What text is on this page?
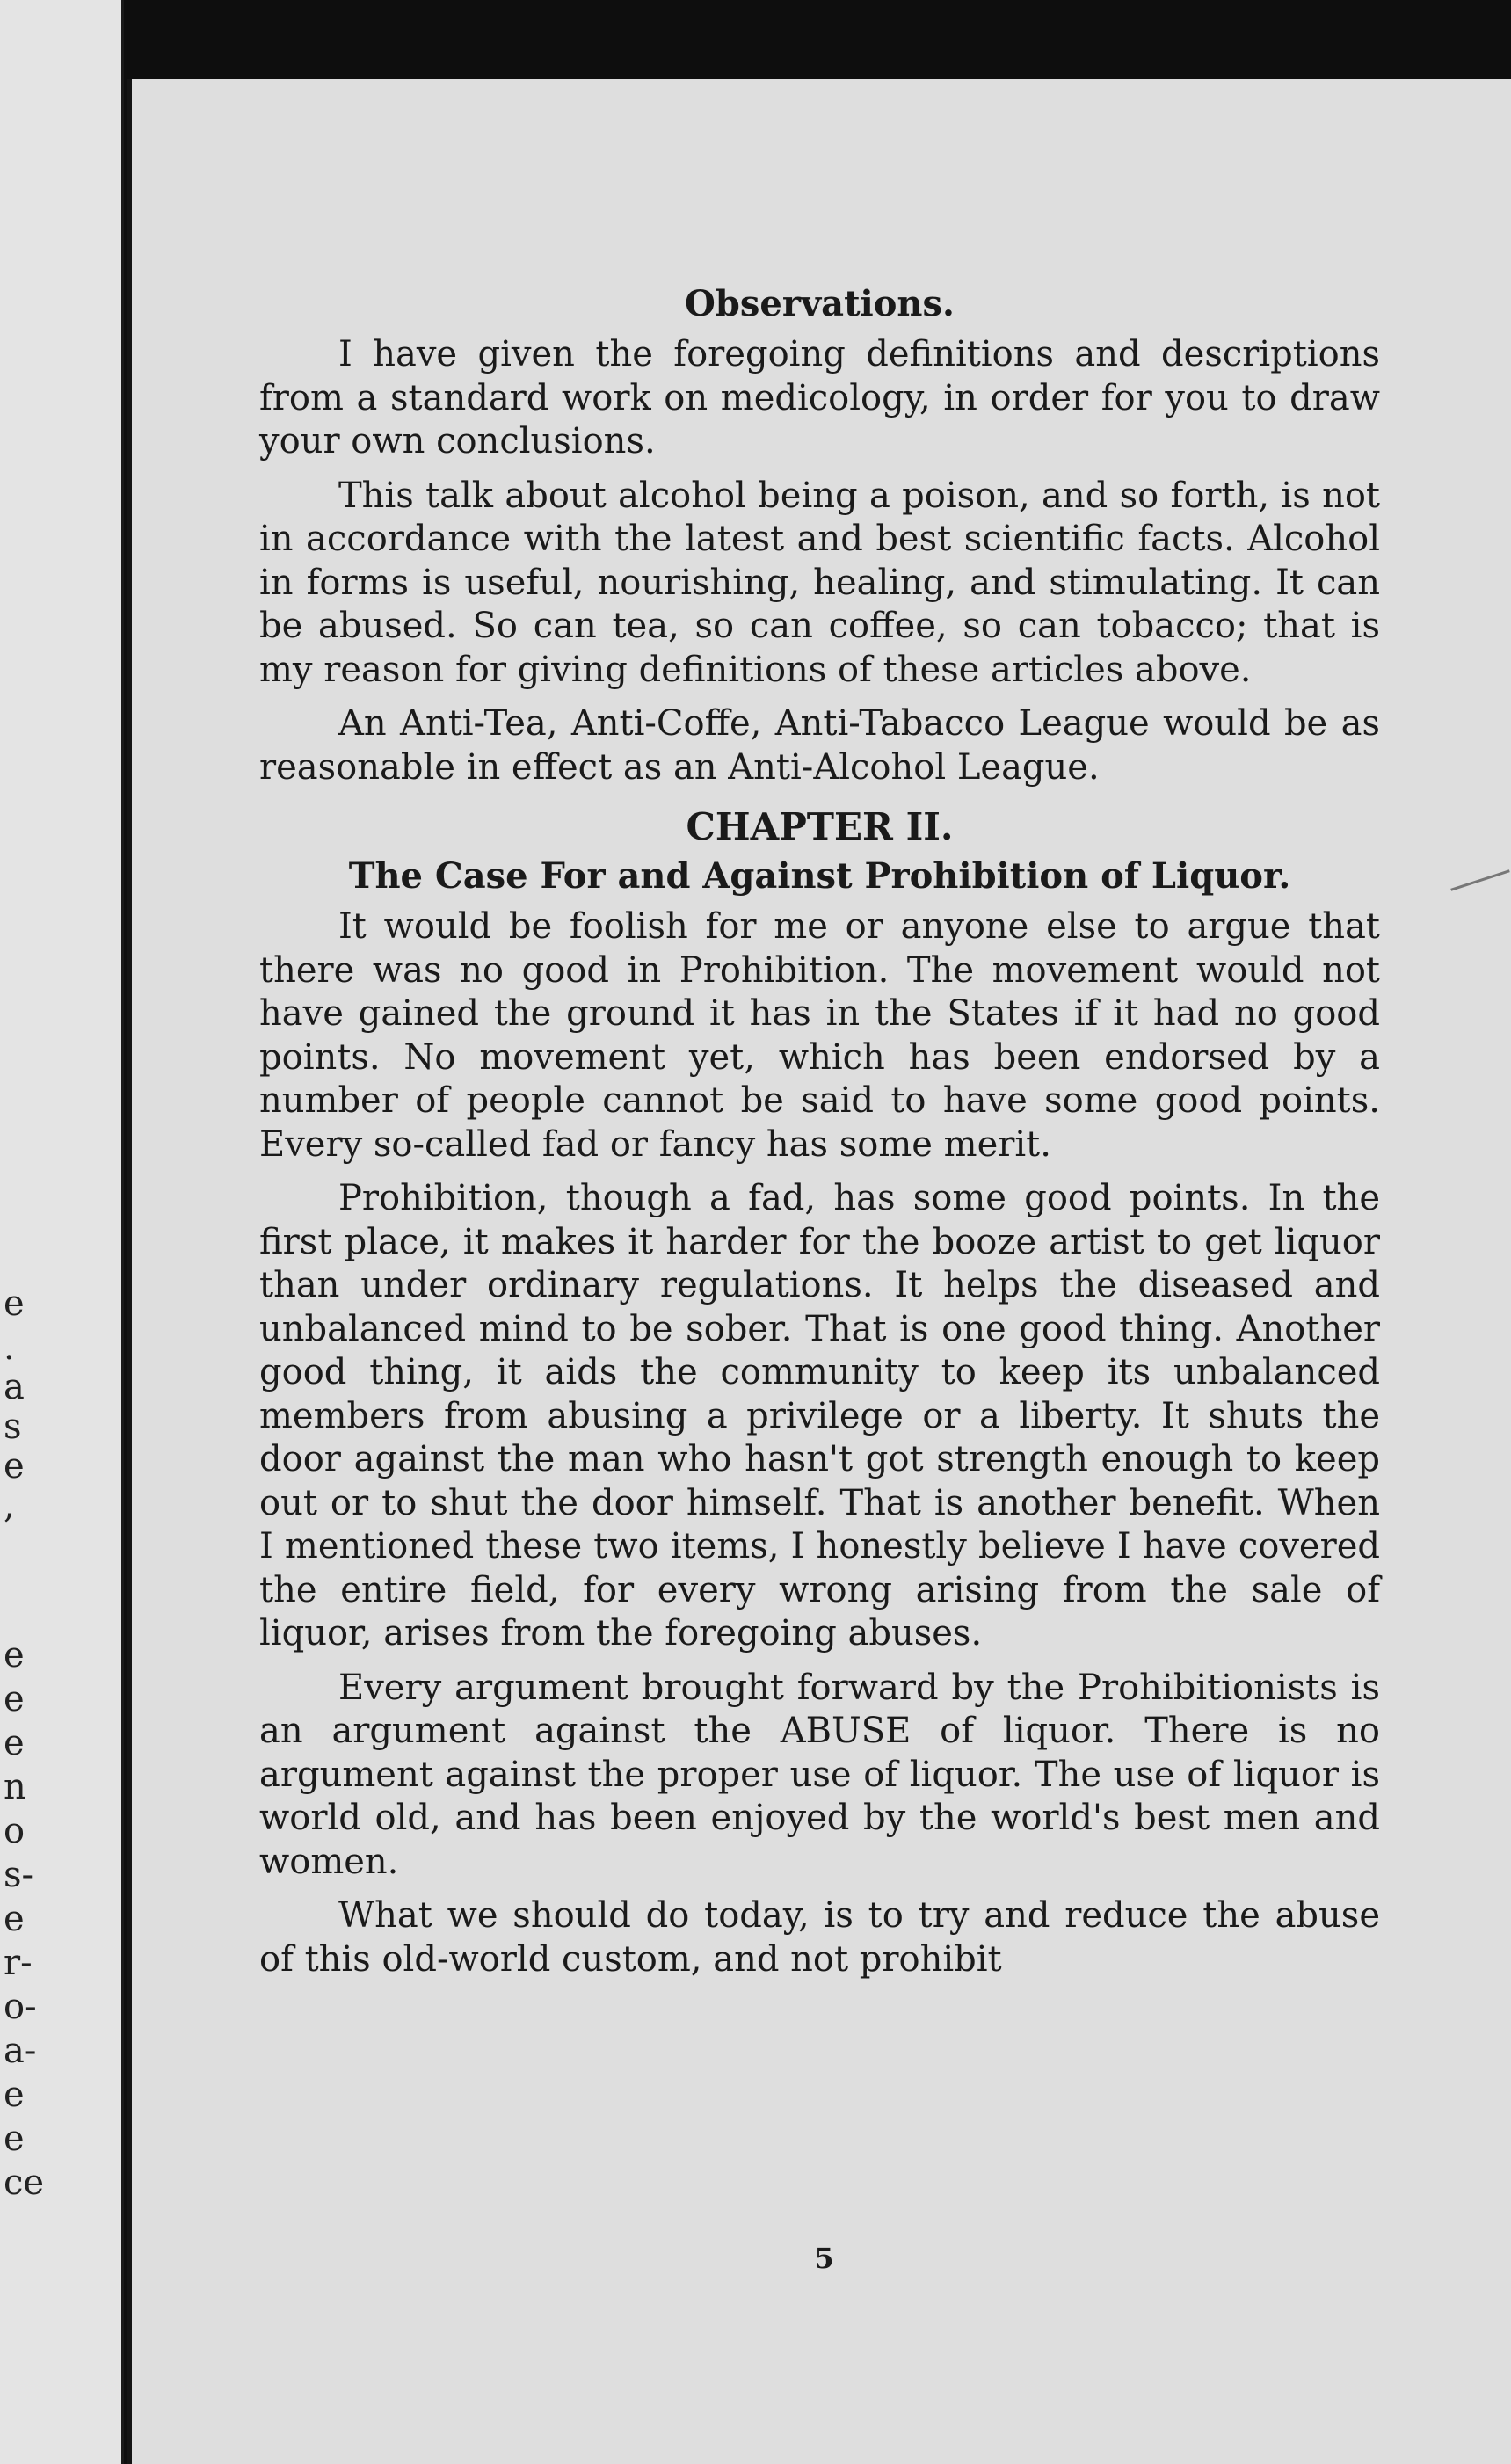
e
.
a
s
e
,
e
e
e
n
o
s-
e
r-
o-
a-
e
e
ce
Observations.

I have given the foregoing definitions and descriptions from a standard work on medicology, in order for you to draw your own conclusions.

This talk about alcohol being a poison, and so forth, is not in accordance with the latest and best scientific facts. Alcohol in forms is useful, nourishing, healing, and stimulating. It can be abused. So can tea, so can coffee, so can tobacco; that is my reason for giving definitions of these articles above.

An Anti-Tea, Anti-Coffe, Anti-Tabacco League would be as reasonable in effect as an Anti-Alcohol League.

CHAPTER II.
The Case For and Against Prohibition of Liquor.

It would be foolish for me or anyone else to argue that there was no good in Prohibition. The movement would not have gained the ground it has in the States if it had no good points. No movement yet, which has been endorsed by a number of people cannot be said to have some good points. Every so-called fad or fancy has some merit.

Prohibition, though a fad, has some good points. In the first place, it makes it harder for the booze artist to get liquor than under ordinary regulations. It helps the diseased and unbalanced mind to be sober. That is one good thing. Another good thing, it aids the community to keep its unbalanced members from abusing a privilege or a liberty. It shuts the door against the man who hasn't got strength enough to keep out or to shut the door himself. That is another benefit. When I mentioned these two items, I honestly believe I have covered the entire field, for every wrong arising from the sale of liquor, arises from the foregoing abuses.

Every argument brought forward by the Prohibitionists is an argument against the ABUSE of liquor. There is no argument against the proper use of liquor. The use of liquor is world old, and has been enjoyed by the world's best men and women.

What we should do today, is to try and reduce the abuse of this old-world custom, and not prohibit

5
